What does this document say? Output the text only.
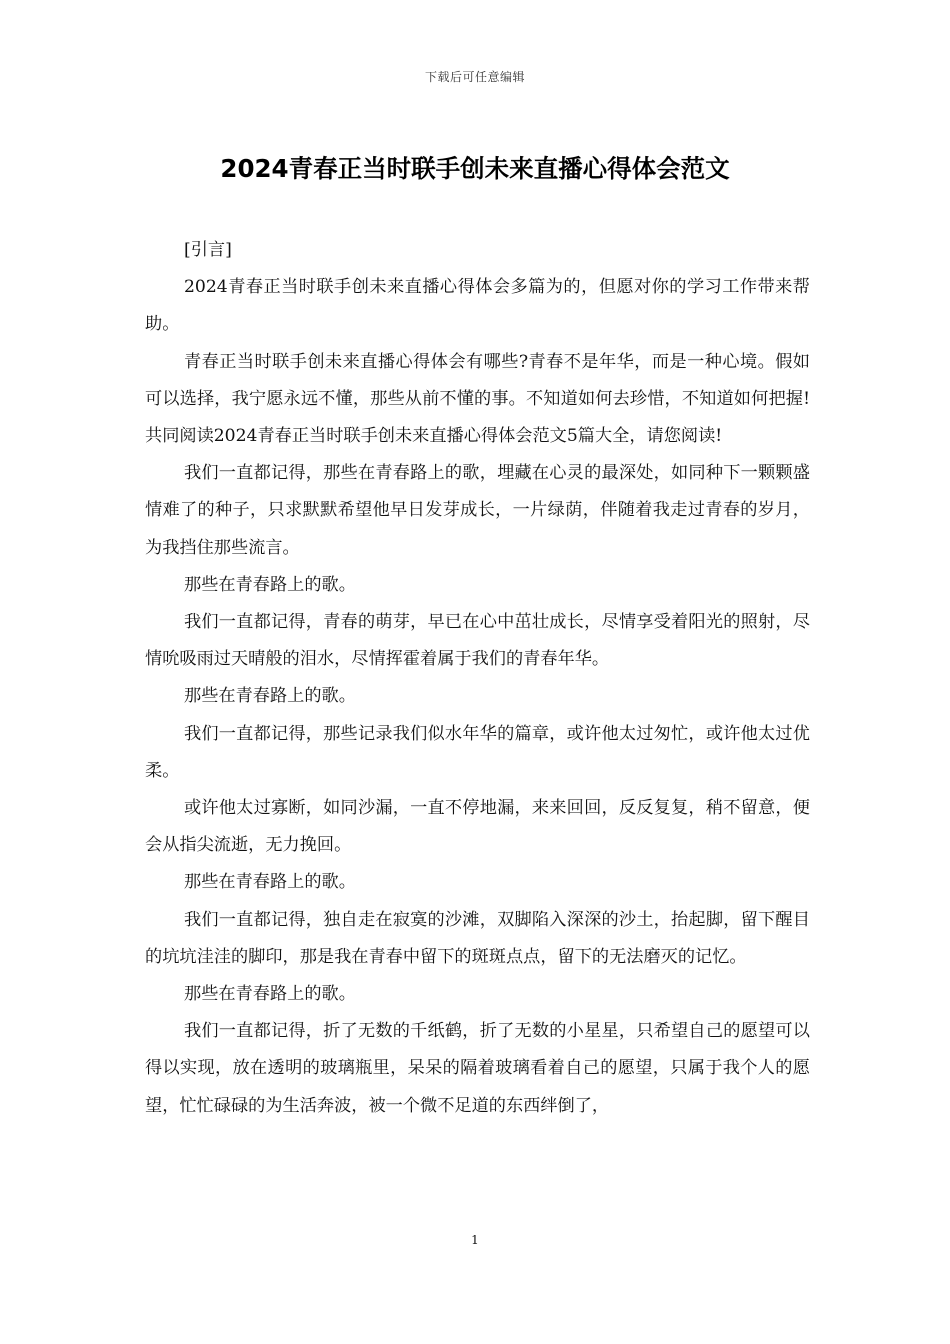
下载后可任意编辑
2024青春正当时联手创未来直播心得体会范文

[引言]

2024青春正当时联手创未来直播心得体会多篇为的，但愿对你的学习工作带来帮助。

青春正当时联手创未来直播心得体会有哪些?青春不是年华，而是一种心境。假如可以选择，我宁愿永远不懂，那些从前不懂的事。不知道如何去珍惜，不知道如何把握!共同阅读2024青春正当时联手创未来直播心得体会范文5篇大全，请您阅读!

我们一直都记得，那些在青春路上的歌，埋藏在心灵的最深处，如同种下一颗颗盛情难了的种子，只求默默希望他早日发芽成长，一片绿荫，伴随着我走过青春的岁月，为我挡住那些流言。

那些在青春路上的歌。

我们一直都记得，青春的萌芽，早已在心中茁壮成长，尽情享受着阳光的照射，尽情吮吸雨过天晴般的泪水，尽情挥霍着属于我们的青春年华。

那些在青春路上的歌。

我们一直都记得，那些记录我们似水年华的篇章，或许他太过匆忙，或许他太过优柔。

或许他太过寡断，如同沙漏，一直不停地漏，来来回回，反反复复，稍不留意，便会从指尖流逝，无力挽回。

那些在青春路上的歌。

我们一直都记得，独自走在寂寞的沙滩，双脚陷入深深的沙土，抬起脚，留下醒目的坑坑洼洼的脚印，那是我在青春中留下的斑斑点点，留下的无法磨灭的记忆。

那些在青春路上的歌。

我们一直都记得，折了无数的千纸鹤，折了无数的小星星，只希望自己的愿望可以得以实现，放在透明的玻璃瓶里，呆呆的隔着玻璃看着自己的愿望，只属于我个人的愿望，忙忙碌碌的为生活奔波，被一个微不足道的东西绊倒了，

1
